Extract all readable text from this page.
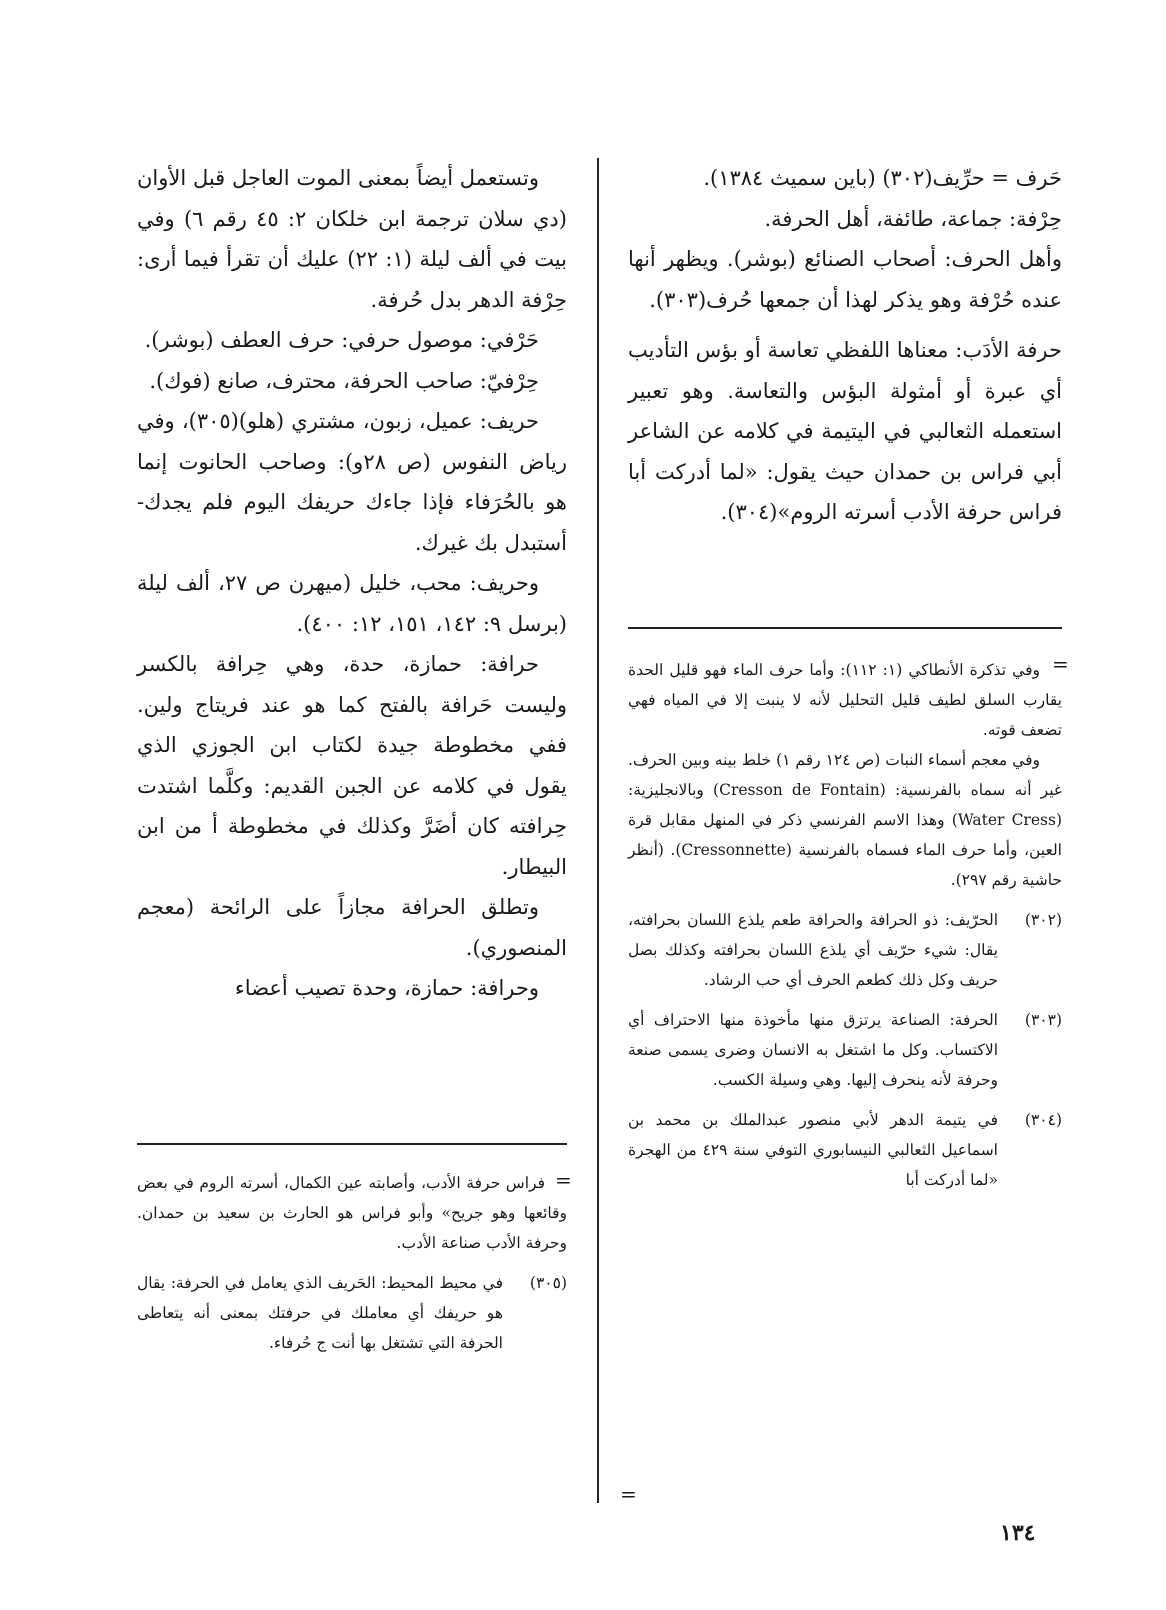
حَرف = حرِّيف(٣٠٢) (باين سميث ١٣٨٤).

حِرْفة: جماعة، طائفة، أهل الحرفة.

وأهل الحرف: أصحاب الصنائع (بوشر). ويظهر أنها عنده حُرْفة وهو يذكر لهذا أن جمعها حُرف(٣٠٣).

حرفة الأدَب: معناها اللفظي تعاسة أو بؤس التأديب أي عبرة أو أمثولة البؤس والتعاسة. وهو تعبير استعمله الثعالبي في اليتيمة في كلامه عن الشاعر أبي فراس بن حمدان حيث يقول: «لما أدركت أبا فراس حرفة الأدب أسرته الروم»(٣٠٤).

=

وفي تذكرة الأنطاكي (١: ١١٢): وأما حرف الماء فهو قليل الحدة يقارب السلق لطيف قليل التحليل لأنه لا ينبت إلا في المياه فهي تضعف قوته.

وفي معجم أسماء النبات (ص ١٢٤ رقم ١) خلط بينه وبين الحرف. غير أنه سماه بالفرنسية: (Cresson de Fontain) وبالانجليزية: (Water Cress) وهذا الاسم الفرنسي ذكر في المنهل مقابل قرة العين، وأما حرف الماء فسماه بالفرنسية (Cressonnette). (أنظر حاشية رقم ٢٩٧).

(٣٠٢)

الحرّيف: ذو الحرافة والحرافة طعم يلذع اللسان بحرافته، يقال: شيء حرّيف أي يلذع اللسان بحرافته وكذلك بصل حريف وكل ذلك كطعم الحرف أي حب الرشاد.

(٣٠٣)

الحرفة: الصناعة يرتزق منها مأخوذة منها الاحتراف أي الاكتساب. وكل ما اشتغل به الانسان وضرى يسمى صنعة وحرفة لأنه ينحرف إليها. وهي وسيلة الكسب.

(٣٠٤)

في يتيمة الدهر لأبي منصور عبدالملك بن محمد بن اسماعيل الثعالبي النيسابوري التوفي سنة ٤٢٩ من الهجرة «لما أدركت أبا

=

وتستعمل أيضاً بمعنى الموت العاجل قبل الأوان (دي سلان ترجمة ابن خلكان ٢: ٤٥ رقم ٦) وفي بيت في ألف ليلة (١: ٢٢) عليك أن تقرأ فيما أرى: حِرْفة الدهر بدل حُرفة.

حَرْفي: موصول حرفي: حرف العطف (بوشر).

حِرْفيّ: صاحب الحرفة، محترف، صانع (فوك).

حريف: عميل، زبون، مشتري (هلو)(٣٠٥)، وفي رياض النفوس (ص ٢٨و): وصاحب الحانوت إنما هو بالحُرَفاء فإذا جاءك حريفك اليوم فلم يجدك-أستبدل بك غيرك.

وحريف: محب، خليل (ميهرن ص ٢٧، ألف ليلة (برسل ٩: ١٤٢، ١٥١، ١٢: ٤٠٠).

حرافة: حمازة، حدة، وهي حِرافة بالكسر وليست حَرافة بالفتح كما هو عند فريتاج ولين. ففي مخطوطة جيدة لكتاب ابن الجوزي الذي يقول في كلامه عن الجبن القديم: وكلَّما اشتدت حِرافته كان أضَرَّ وكذلك في مخطوطة أ من ابن البيطار.

وتطلق الحرافة مجازاً على الرائحة (معجم المنصوري).

وحرافة: حمازة، وحدة تصيب أعضاء

=

فراس حرفة الأدب، وأصابته عين الكمال، أسرته الروم في بعض وقائعها وهو جريح» وأبو فراس هو الحارث بن سعيد بن حمدان. وحرفة الأدب صناعة الأدب.

(٣٠٥)

في محيط المحيط: الحَريف الذي يعامل في الحرفة: يقال هو حريفك أي معاملك في حرفتك بمعنى أنه يتعاطى الحرفة التي تشتغل بها أنت ج حُرفاء.

١٣٤
